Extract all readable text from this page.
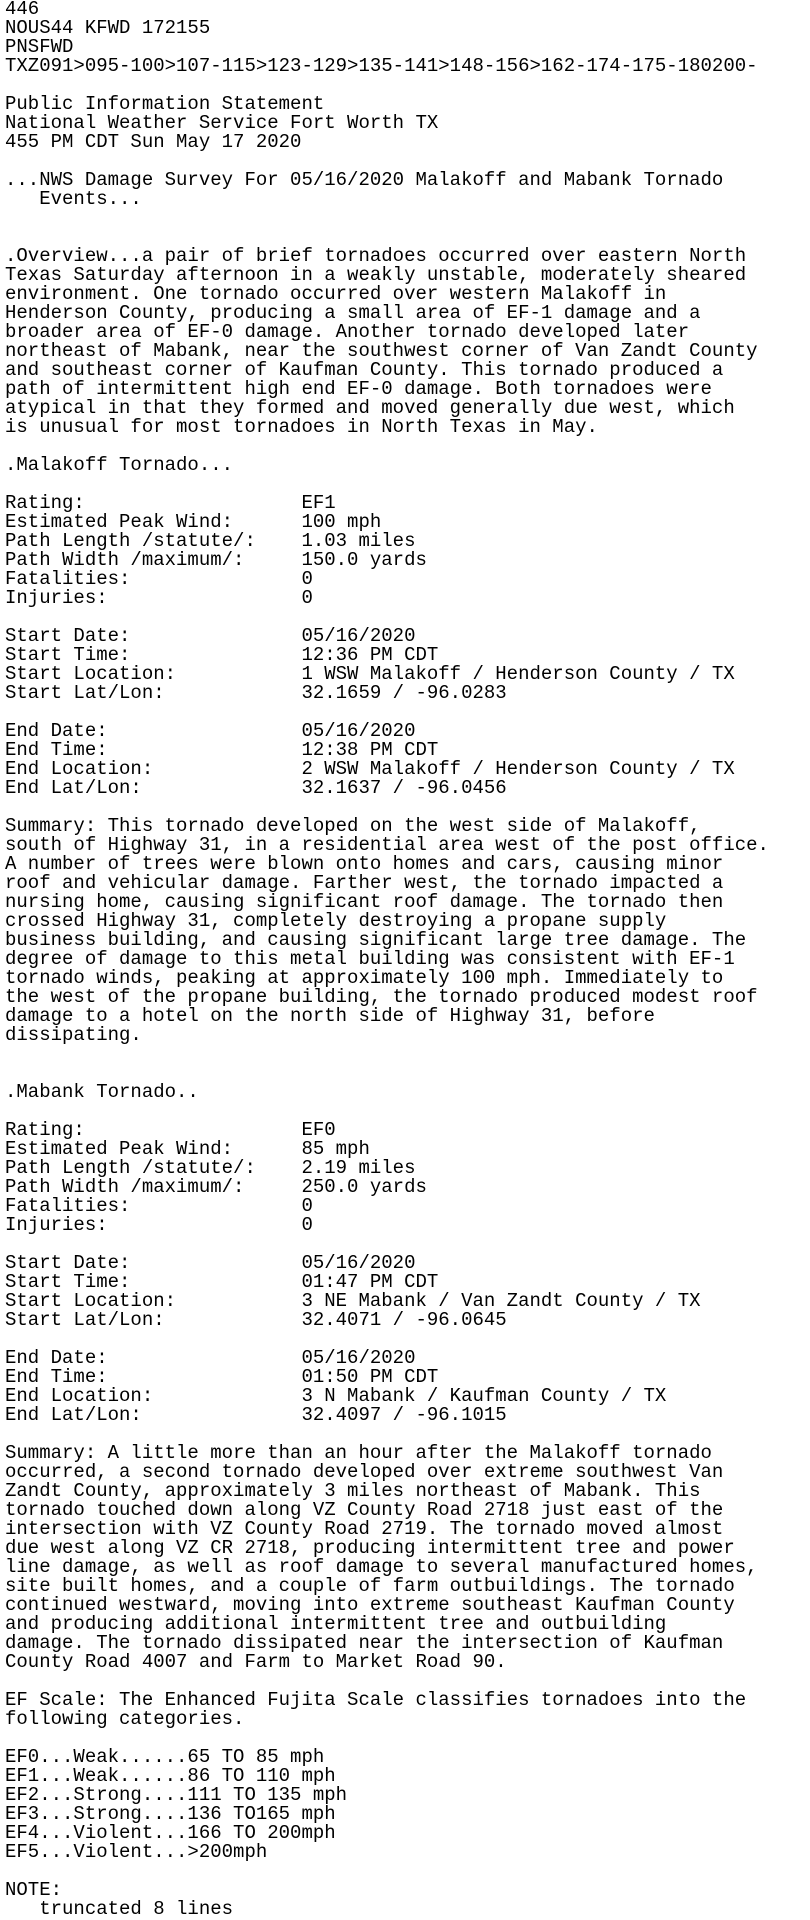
446
NOUS44 KFWD 172155
PNSFWD
TXZ091>095-100>107-115>123-129>135-141>148-156>162-174-175-180200-
Public Information Statement
National Weather Service Fort Worth TX
455 PM CDT Sun May 17 2020
...NWS Damage Survey For 05/16/2020 Malakoff and Mabank Tornado
Events...
.Overview...a pair of brief tornadoes occurred over eastern North
Texas Saturday afternoon in a weakly unstable, moderately sheared
environment. One tornado occurred over western Malakoff in
Henderson County, producing a small area of EF-1 damage and a
broader area of EF-0 damage. Another tornado developed later
northeast of Mabank, near the southwest corner of Van Zandt County
and southeast corner of Kaufman County. This tornado produced a
path of intermittent high end EF-0 damage. Both tornadoes were
atypical in that they formed and moved generally due west, which
is unusual for most tornadoes in North Texas in May.
.Malakoff Tornado...
Rating:                   EF1
Estimated Peak Wind:      100 mph
Path Length /statute/:    1.03 miles
Path Width /maximum/:     150.0 yards
Fatalities:               0
Injuries:                 0
Start Date:               05/16/2020
Start Time:               12:36 PM CDT
Start Location:           1 WSW Malakoff / Henderson County / TX
Start Lat/Lon:            32.1659 / -96.0283
End Date:                 05/16/2020
End Time:                 12:38 PM CDT
End Location:             2 WSW Malakoff / Henderson County / TX
End Lat/Lon:              32.1637 / -96.0456
Summary: This tornado developed on the west side of Malakoff,
south of Highway 31, in a residential area west of the post office.
A number of trees were blown onto homes and cars, causing minor
roof and vehicular damage. Farther west, the tornado impacted a
nursing home, causing significant roof damage. The tornado then
crossed Highway 31, completely destroying a propane supply
business building, and causing significant large tree damage. The
degree of damage to this metal building was consistent with EF-1
tornado winds, peaking at approximately 100 mph. Immediately to
the west of the propane building, the tornado produced modest roof
damage to a hotel on the north side of Highway 31, before
dissipating.
.Mabank Tornado..
Rating:                   EF0
Estimated Peak Wind:      85 mph
Path Length /statute/:    2.19 miles
Path Width /maximum/:     250.0 yards
Fatalities:               0
Injuries:                 0
Start Date:               05/16/2020
Start Time:               01:47 PM CDT
Start Location:           3 NE Mabank / Van Zandt County / TX
Start Lat/Lon:            32.4071 / -96.0645
End Date:                 05/16/2020
End Time:                 01:50 PM CDT
End Location:             3 N Mabank / Kaufman County / TX
End Lat/Lon:              32.4097 / -96.1015
Summary: A little more than an hour after the Malakoff tornado
occurred, a second tornado developed over extreme southwest Van
Zandt County, approximately 3 miles northeast of Mabank. This
tornado touched down along VZ County Road 2718 just east of the
intersection with VZ County Road 2719. The tornado moved almost
due west along VZ CR 2718, producing intermittent tree and power
line damage, as well as roof damage to several manufactured homes,
site built homes, and a couple of farm outbuildings. The tornado
continued westward, moving into extreme southeast Kaufman County
and producing additional intermittent tree and outbuilding
damage. The tornado dissipated near the intersection of Kaufman
County Road 4007 and Farm to Market Road 90.
EF Scale: The Enhanced Fujita Scale classifies tornadoes into the
following categories.
EF0...Weak......65 TO 85 mph
EF1...Weak......86 TO 110 mph
EF2...Strong....111 TO 135 mph
EF3...Strong....136 TO165 mph
EF4...Violent...166 TO 200mph
EF5...Violent...>200mph
NOTE:
truncated 8 lines
